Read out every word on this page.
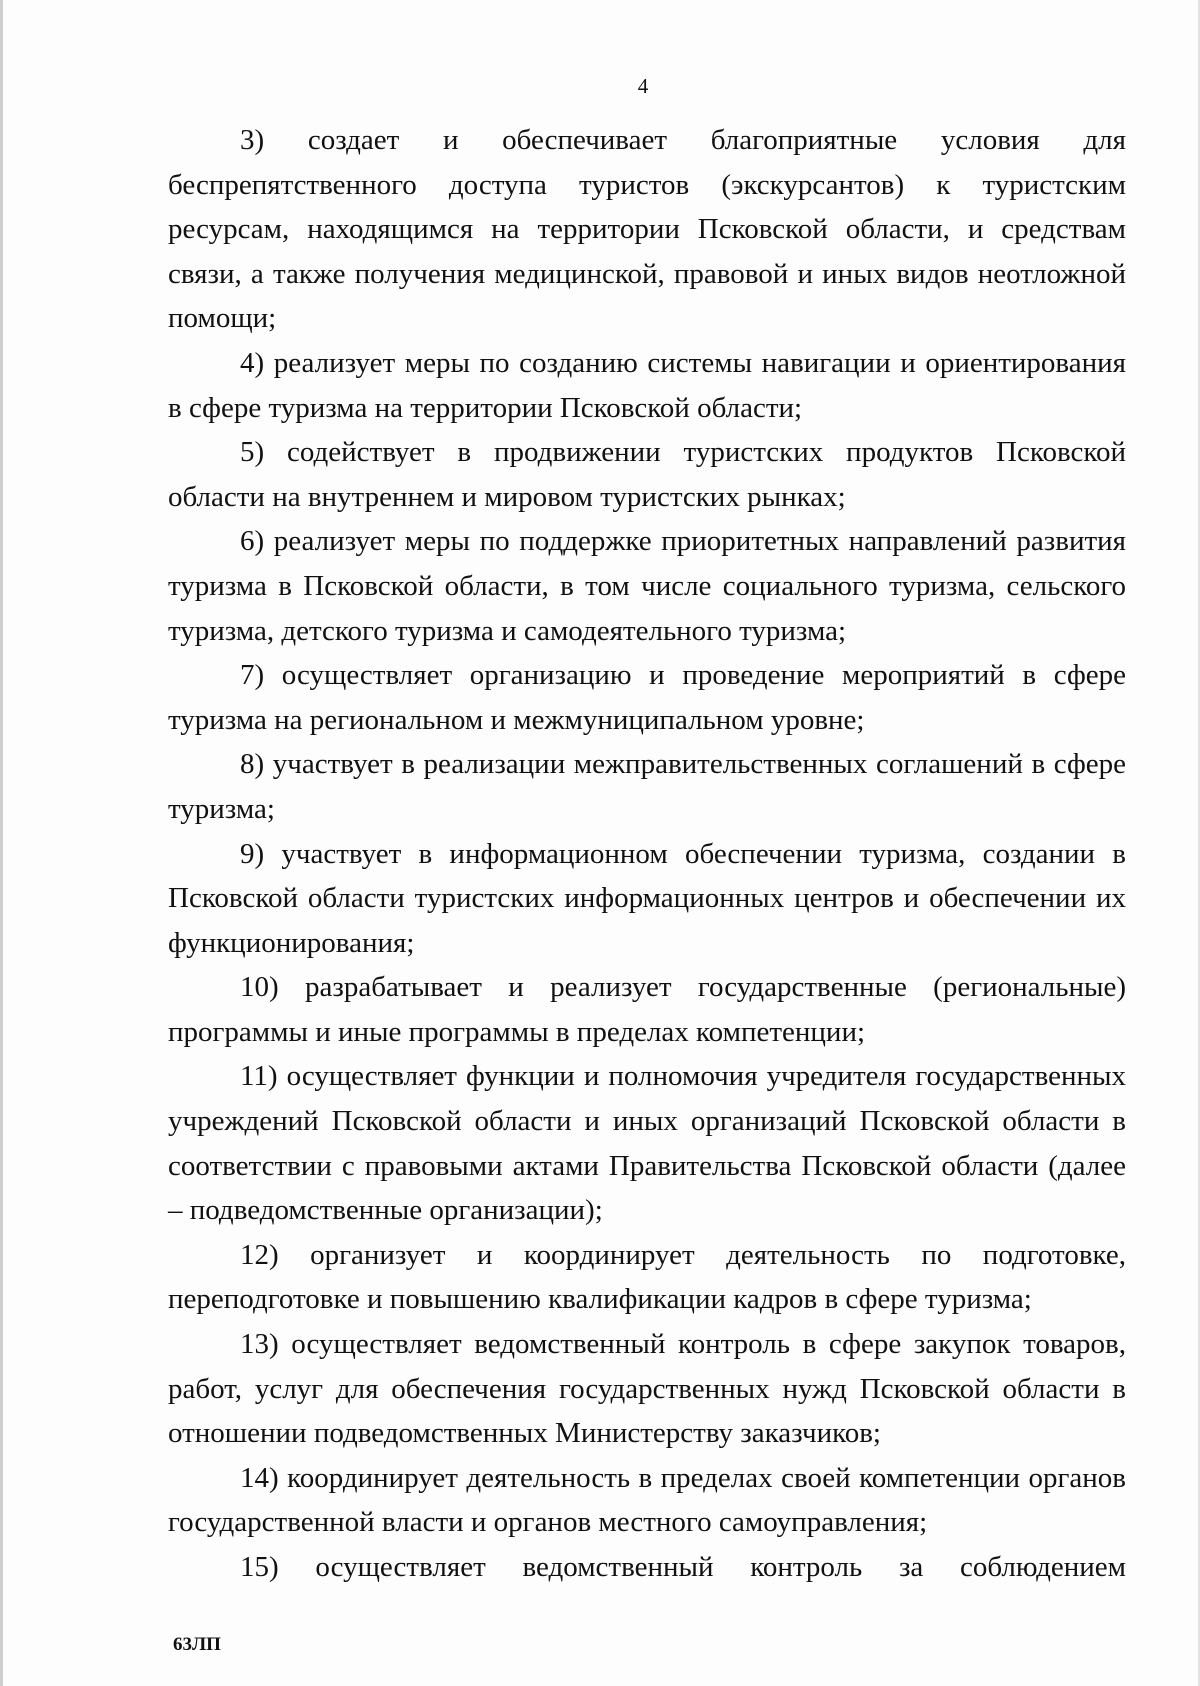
4

3) создает и обеспечивает благоприятные условия для беспрепятственного доступа туристов (экскурсантов) к туристским ресурсам, находящимся на территории Псковской области, и средствам связи, а также получения медицинской, правовой и иных видов неотложной помощи;

4) реализует меры по созданию системы навигации и ориентирования в сфере туризма на территории Псковской области;

5) содействует в продвижении туристских продуктов Псковской области на внутреннем и мировом туристских рынках;

6) реализует меры по поддержке приоритетных направлений развития туризма в Псковской области, в том числе социального туризма, сельского туризма, детского туризма и самодеятельного туризма;

7) осуществляет организацию и проведение мероприятий в сфере туризма на региональном и межмуниципальном уровне;

8) участвует в реализации межправительственных соглашений в сфере туризма;

9) участвует в информационном обеспечении туризма, создании в Псковской области туристских информационных центров и обеспечении их функционирования;

10) разрабатывает и реализует государственные (региональные) программы и иные программы в пределах компетенции;

11) осуществляет функции и полномочия учредителя государственных учреждений Псковской области и иных организаций Псковской области в соответствии с правовыми актами Правительства Псковской области (далее – подведомственные организации);

12) организует и координирует деятельность по подготовке, переподготовке и повышению квалификации кадров в сфере туризма;

13) осуществляет ведомственный контроль в сфере закупок товаров, работ, услуг для обеспечения государственных нужд Псковской области в отношении подведомственных Министерству заказчиков;

14) координирует деятельность в пределах своей компетенции органов государственной власти и органов местного самоуправления;

15) осуществляет ведомственный контроль за соблюдением

63ЛП
